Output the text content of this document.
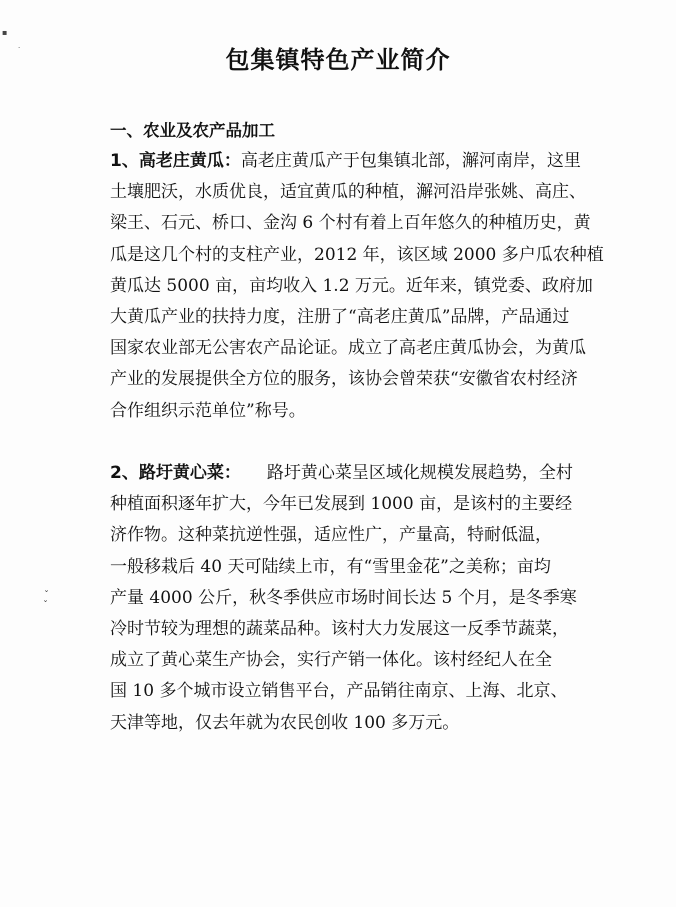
▪
·
ˇ
ˇ
包集镇特色产业简介
一、农业及农产品加工
1、高老庄黄瓜：高老庄黄瓜产于包集镇北部，澥河南岸，这里
土壤肥沃，水质优良，适宜黄瓜的种植，澥河沿岸张姚、高庄、
梁王、石元、桥口、金沟 6 个村有着上百年悠久的种植历史，黄
瓜是这几个村的支柱产业，2012 年，该区域 2000 多户瓜农种植
黄瓜达 5000 亩，亩均收入 1.2 万元。近年来，镇党委、政府加
大黄瓜产业的扶持力度，注册了“高老庄黄瓜”品牌，产品通过
国家农业部无公害农产品论证。成立了高老庄黄瓜协会，为黄瓜
产业的发展提供全方位的服务，该协会曾荣获“安徽省农村经济
合作组织示范单位”称号。
2、路圩黄心菜： 路圩黄心菜呈区域化规模发展趋势，全村
种植面积逐年扩大，今年已发展到 1000 亩，是该村的主要经
济作物。这种菜抗逆性强，适应性广，产量高，特耐低温，
一般移栽后 40 天可陆续上市，有“雪里金花”之美称；亩均
产量 4000 公斤，秋冬季供应市场时间长达 5 个月，是冬季寒
冷时节较为理想的蔬菜品种。该村大力发展这一反季节蔬菜，
成立了黄心菜生产协会，实行产销一体化。该村经纪人在全
国 10 多个城市设立销售平台，产品销往南京、上海、北京、
天津等地，仅去年就为农民创收 100 多万元。
